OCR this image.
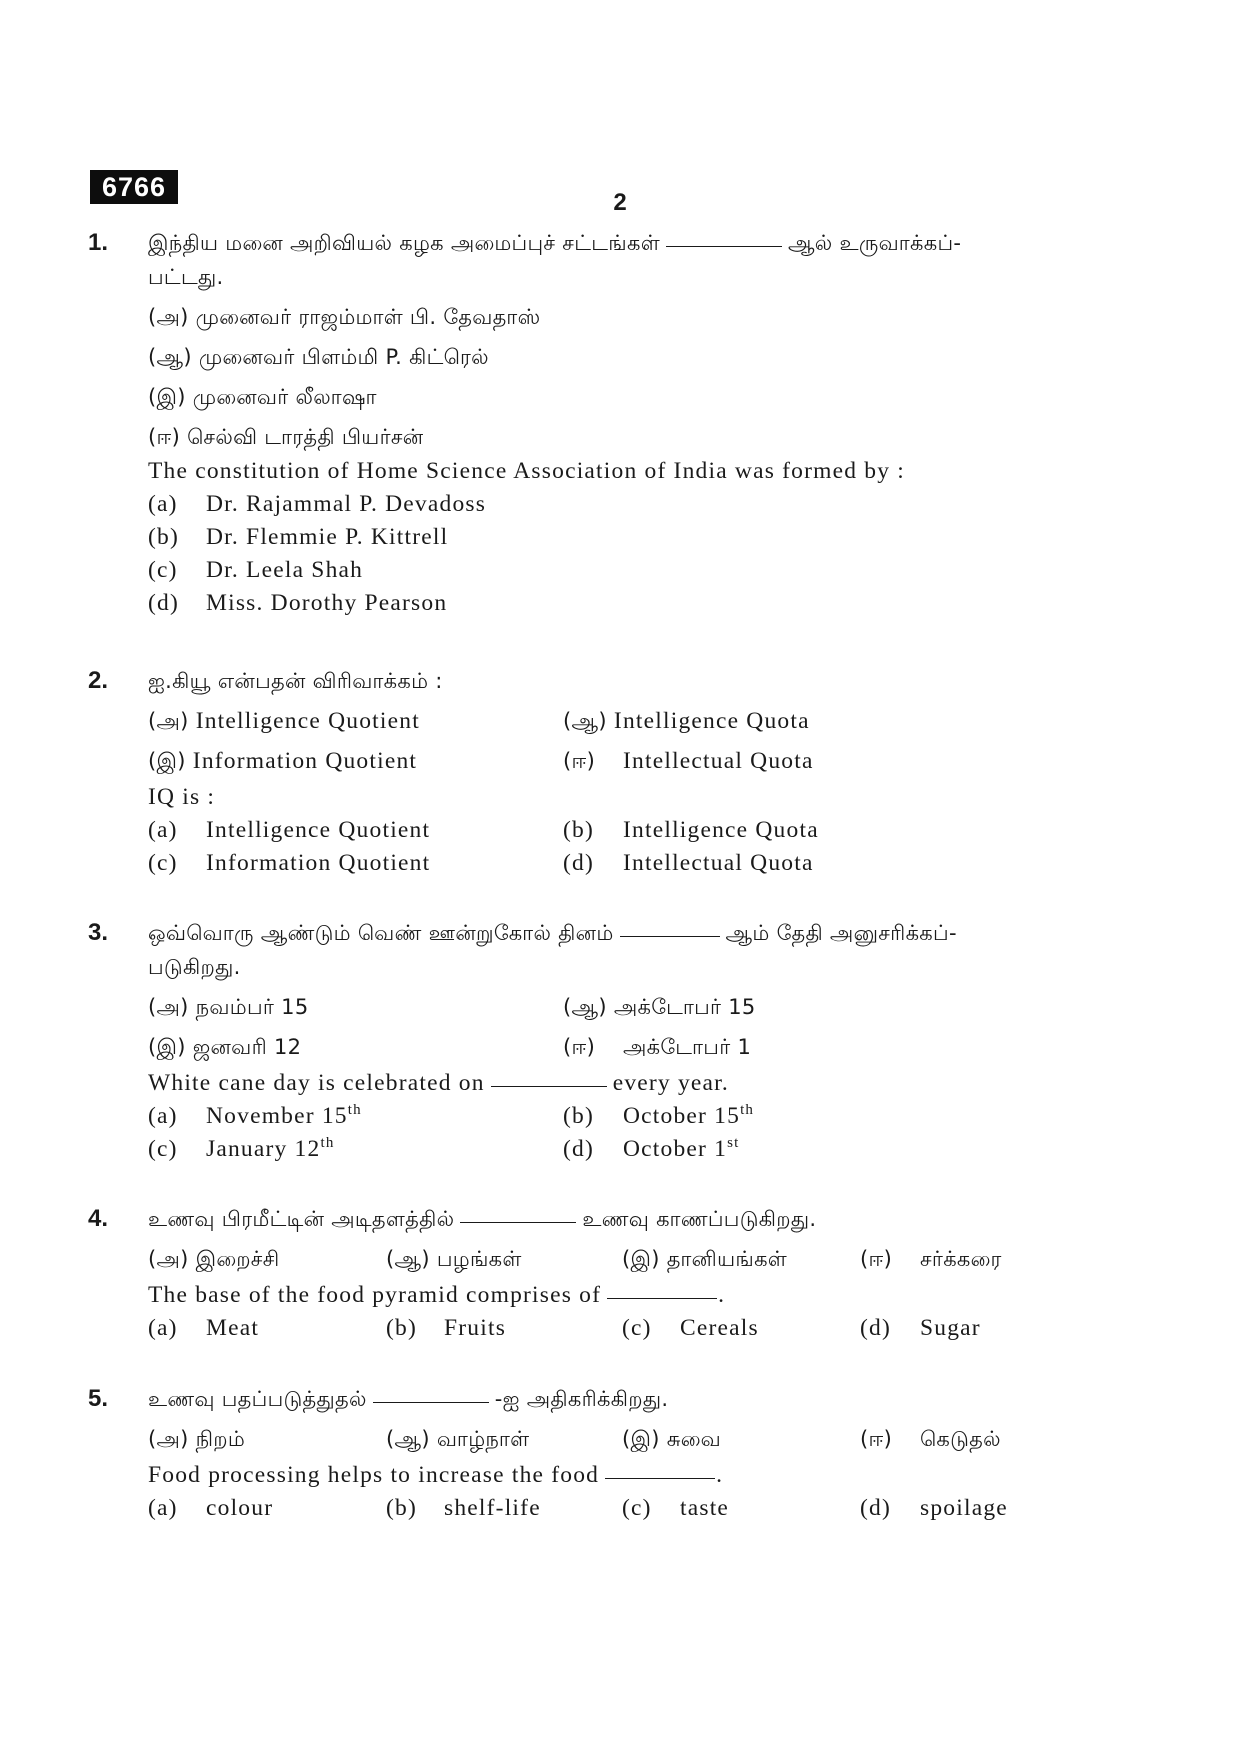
6766
2
1. இந்திய மனை அறிவியல் கழக அமைப்புச் சட்டங்கள்	ஆல் உருவாக்கப்-
பட்டது.
(அ) முனைவர் ராஜம்மாள் பி. தேவதாஸ்
(ஆ) முனைவர் பிளம்மி P. கிட்ரெல்
(இ) முனைவர் லீலாஷா
(ஈ) செல்வி டாரத்தி பியர்சன்
The constitution of Home Science Association of India was formed by :
(a) Dr. Rajammal P. Devadoss
(b) Dr. Flemmie P. Kittrell
(c) Dr. Leela Shah
(d) Miss. Dorothy Pearson
2. ஐ.கியூ என்பதன் விரிவாக்கம் :
(அ) Intelligence Quotient	(ஆ) Intelligence Quota
(இ) Information Quotient	(ஈ) Intellectual Quota
IQ is :
(a) Intelligence Quotient	(b) Intelligence Quota
(c) Information Quotient	(d) Intellectual Quota
3. ஒவ்வொரு ஆண்டும் வெண் ஊன்றுகோல் தினம்	ஆம் தேதி அனுசரிக்கப்-
படுகிறது.
(அ) நவம்பர் 15	(ஆ) அக்டோபர் 15
(இ) ஜனவரி 12	(ஈ) அக்டோபர் 1
White cane day is celebrated on	every year.
(a) November 15th	(b) October 15th
(c) January 12th	(d) October 1st
4. உணவு பிரமீட்டின் அடிதளத்தில்	உணவு காணப்படுகிறது.
(அ) இறைச்சி	(ஆ) பழங்கள்	(இ) தானியங்கள்	(ஈ) சர்க்கரை
The base of the food pyramid comprises of	.
(a) Meat	(b) Fruits	(c) Cereals	(d) Sugar
5. உணவு பதப்படுத்துதல்	-ஐ அதிகரிக்கிறது.
(அ) நிறம்	(ஆ) வாழ்நாள்	(இ) சுவை	(ஈ) கெடுதல்
Food processing helps to increase the food	.
(a) colour	(b) shelf-life	(c) taste	(d) spoilage
